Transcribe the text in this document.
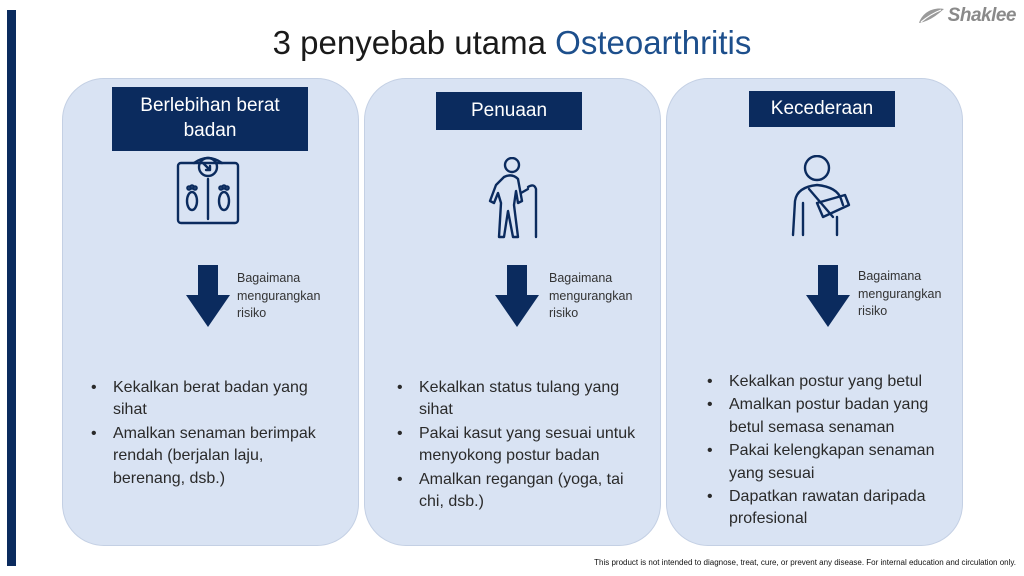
Shaklee
3 penyebab utama Osteoarthritis
Berlebihan berat badan
Bagaimana mengurangkan risiko
• Kekalkan berat badan yang sihat
• Amalkan senaman berimpak rendah (berjalan laju, berenang, dsb.)
Penuaan
Bagaimana mengurangkan risiko
• Kekalkan status tulang yang sihat
• Pakai kasut yang sesuai untuk menyokong postur badan
• Amalkan regangan (yoga, tai chi, dsb.)
Kecederaan
Bagaimana mengurangkan risiko
• Kekalkan postur yang betul
• Amalkan postur badan yang betul semasa senaman
• Pakai kelengkapan senaman yang sesuai
• Dapatkan rawatan daripada profesional
This product is not intended to diagnose, treat, cure, or prevent any disease. For internal education and circulation only.
